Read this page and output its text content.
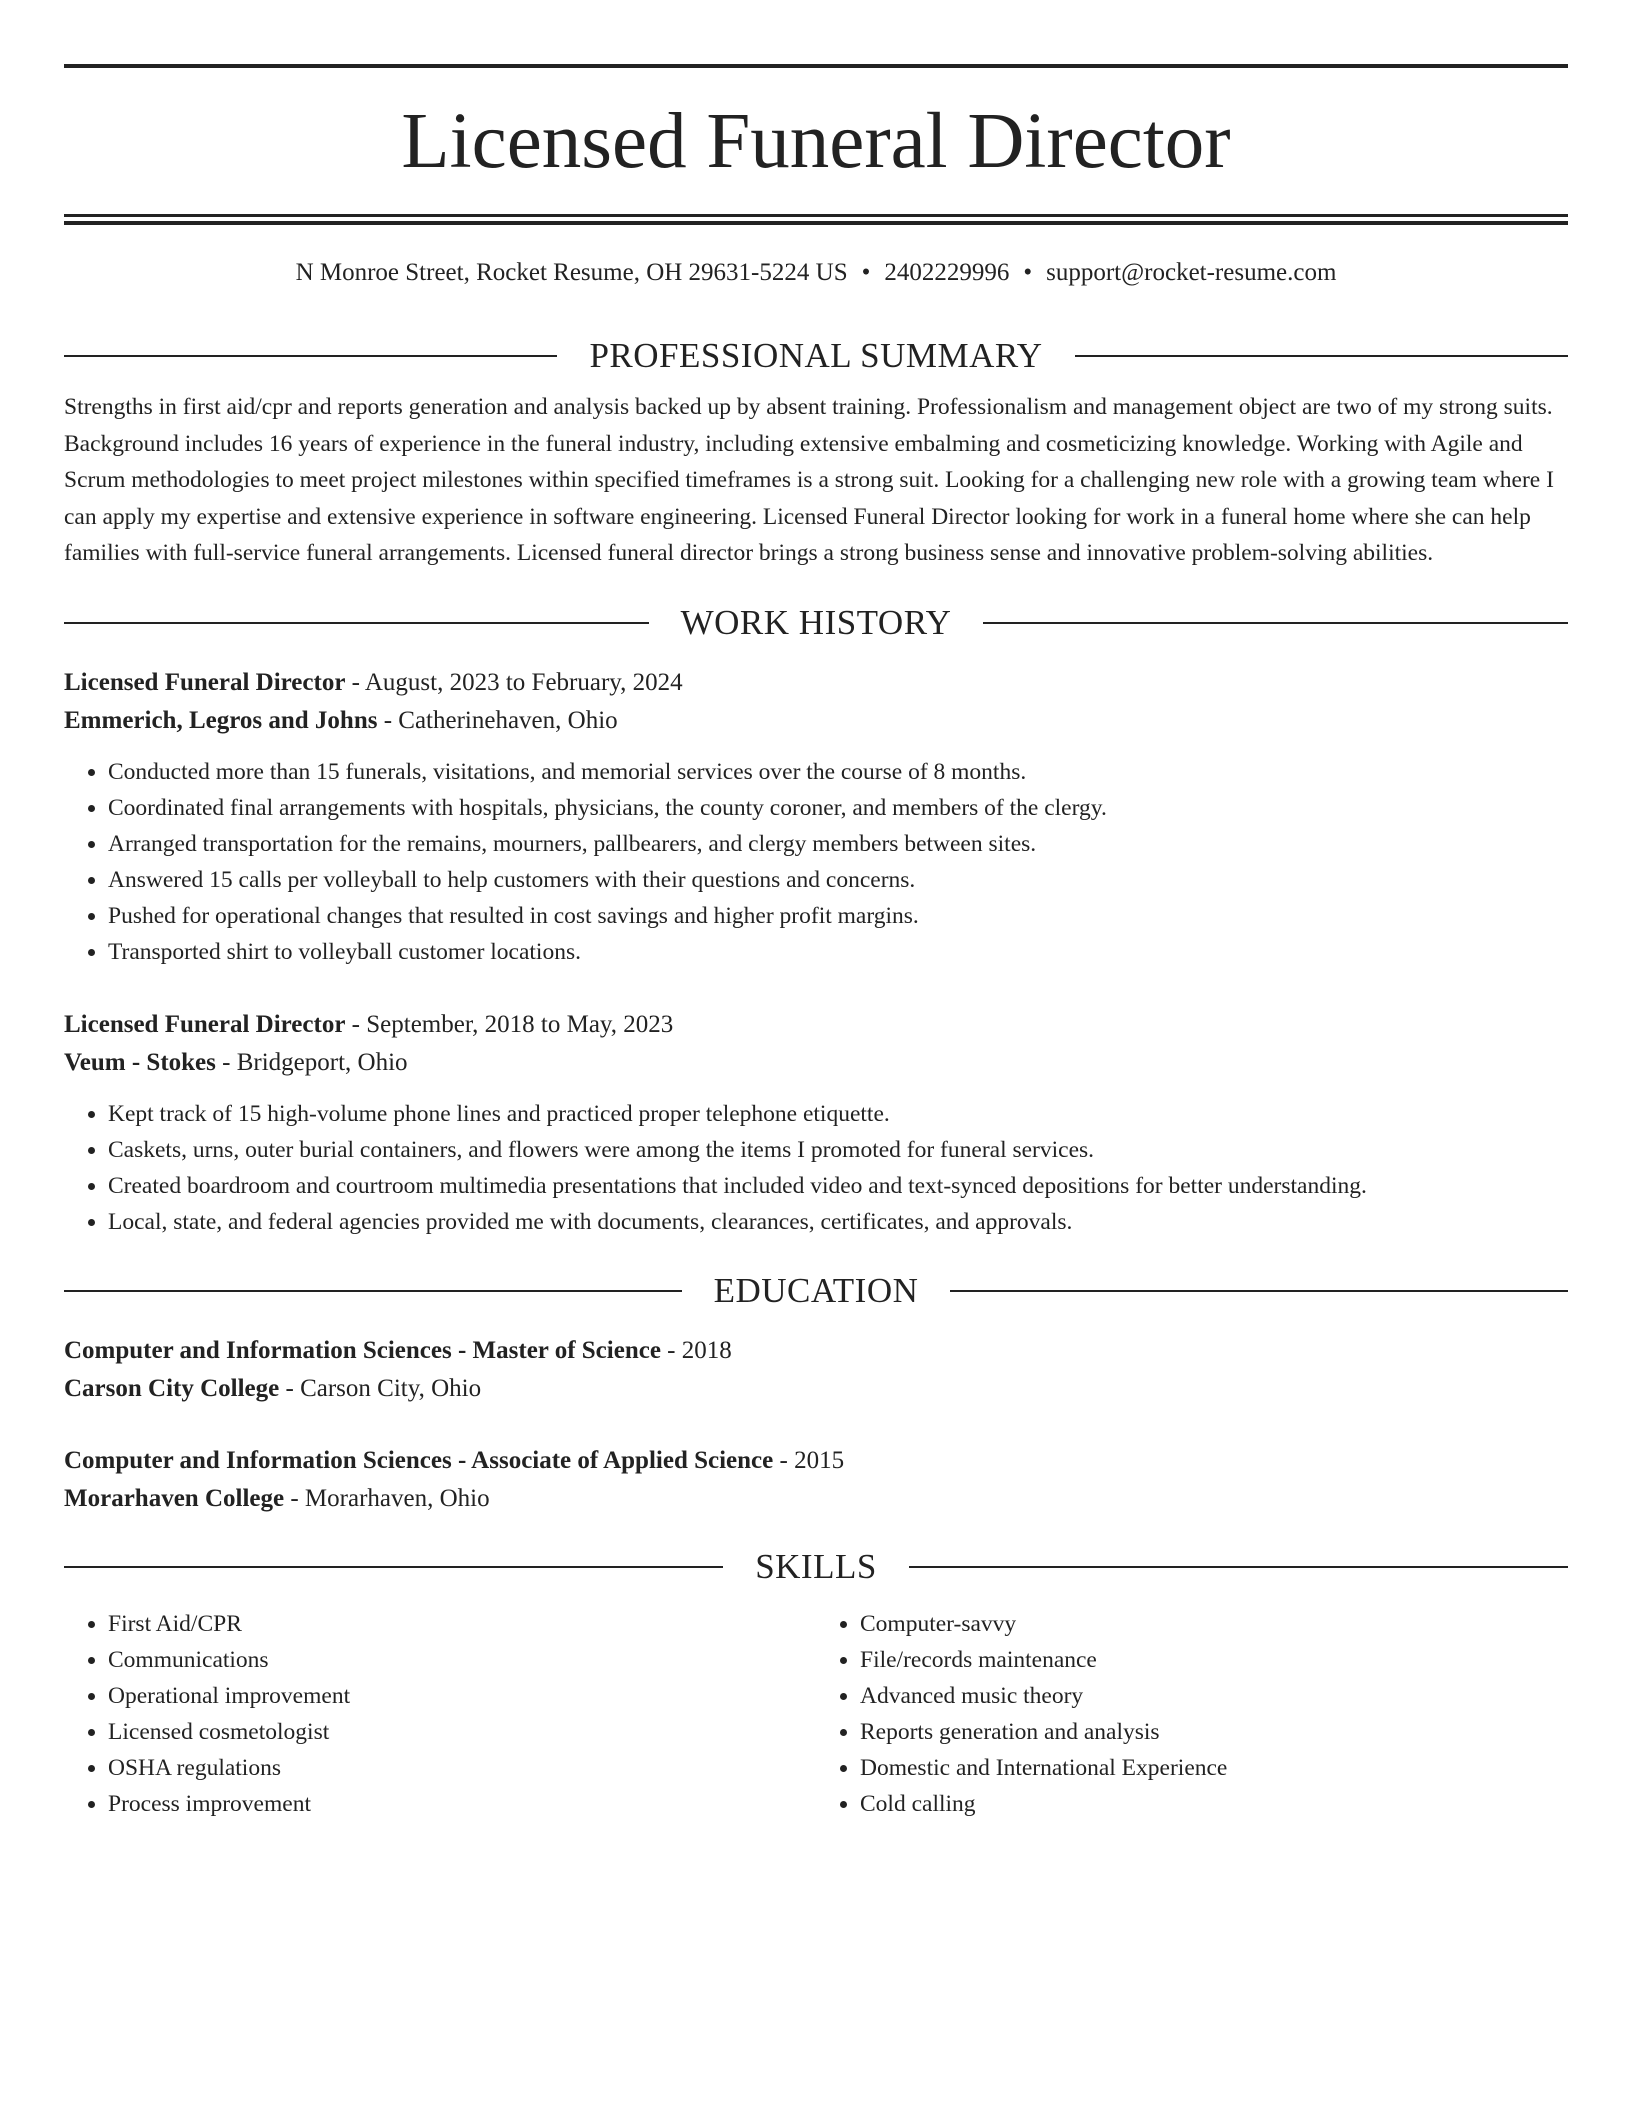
Licensed Funeral Director
N Monroe Street, Rocket Resume, OH 29631-5224 US • 2402229996 • support@rocket-resume.com
PROFESSIONAL SUMMARY

Strengths in first aid/cpr and reports generation and analysis backed up by absent training. Professionalism and management object are two of my strong suits. Background includes 16 years of experience in the funeral industry, including extensive embalming and cosmeticizing knowledge. Working with Agile and Scrum methodologies to meet project milestones within specified timeframes is a strong suit. Looking for a challenging new role with a growing team where I can apply my expertise and extensive experience in software engineering. Licensed Funeral Director looking for work in a funeral home where she can help families with full-service funeral arrangements. Licensed funeral director brings a strong business sense and innovative problem-solving abilities.

WORK HISTORY
Licensed Funeral Director - August, 2023 to February, 2024
Emmerich, Legros and Johns - Catherinehaven, Ohio
• Conducted more than 15 funerals, visitations, and memorial services over the course of 8 months.
• Coordinated final arrangements with hospitals, physicians, the county coroner, and members of the clergy.
• Arranged transportation for the remains, mourners, pallbearers, and clergy members between sites.
• Answered 15 calls per volleyball to help customers with their questions and concerns.
• Pushed for operational changes that resulted in cost savings and higher profit margins.
• Transported shirt to volleyball customer locations.
Licensed Funeral Director - September, 2018 to May, 2023
Veum - Stokes - Bridgeport, Ohio
• Kept track of 15 high-volume phone lines and practiced proper telephone etiquette.
• Caskets, urns, outer burial containers, and flowers were among the items I promoted for funeral services.
• Created boardroom and courtroom multimedia presentations that included video and text-synced depositions for better understanding.
• Local, state, and federal agencies provided me with documents, clearances, certificates, and approvals.
EDUCATION
Computer and Information Sciences - Master of Science - 2018
Carson City College - Carson City, Ohio
Computer and Information Sciences - Associate of Applied Science - 2015
Morarhaven College - Morarhaven, Ohio
SKILLS
• First Aid/CPR
• Communications
• Operational improvement
• Licensed cosmetologist
• OSHA regulations
• Process improvement
• Computer-savvy
• File/records maintenance
• Advanced music theory
• Reports generation and analysis
• Domestic and International Experience
• Cold calling
